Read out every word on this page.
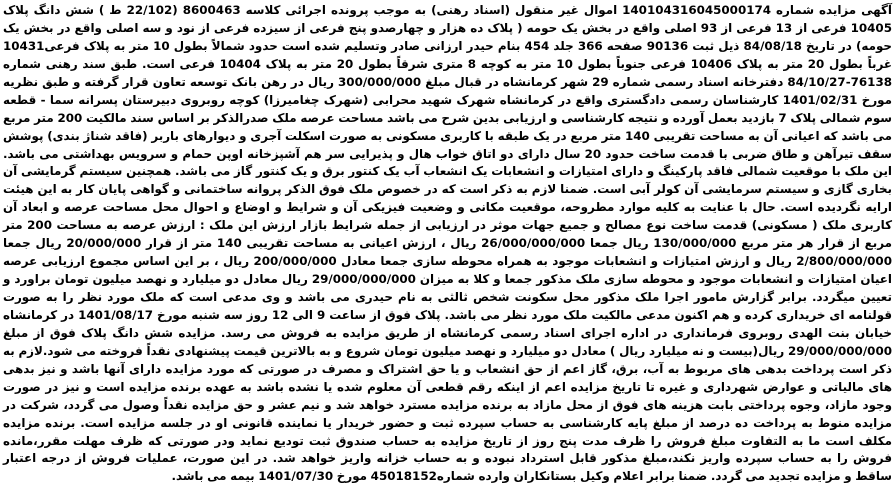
آگهی مزایده شماره 140104316045000174 اموال غیر منقول (اسناد رهنی) به موجب پرونده اجرائی کلاسه 8600463 (22/102 ط ) شش دانگ پلاک 10405 فرعی از 13 فرعی از 93 اصلی واقع در بخش یک حومه ( پلاک ده هزار و چهارصدو پنج فرعی از سیزده فرعی از نود و سه اصلی واقع در بخش یک حومه) در تاریخ 84/08/18 ذیل ثبت 90136 صفحه 366 جلد 454 بنام حیدر ارزانی صادر وتسلیم شده است حدود شمالاً بطول 10 متر به پلاک فرعی10431 غرباً بطول 20 متر به پلاک 10406 فرعی جنوباً بطول 10 متر به کوچه 8 متری شرقاً بطول 20 متر به پلاک 10404 فرعی است. طبق سند رهنی شماره 76138-84/10/27 دفترخانه اسناد رسمی شماره 29 شهر کرمانشاه در قبال مبلغ 300/000/000 ریال در رهن بانک توسعه تعاون قرار گرفته و طبق نظریه مورخ 1401/02/31 کارشناسان رسمی دادگستری واقع در کرمانشاه شهرک شهید محرابی (شهرک چغامیرزا) کوچه روبروی دبیرستان پسرانه سما - قطعه سوم شمالی پلاک 7 بازدید بعمل آورده و نتیجه کارشناسی و ارزیابی بدین شرح می باشد مساحت عرصه ملک صدرالذکر بر اساس سند مالکیت 200 متر مربع می باشد که اعیانی آن به مساحت تقریبی 140 متر مربع در یک طبقه با کاربری مسکونی به صورت اسکلت آجری و دیوارهای باربر (فاقد شناژ بندی) پوشش سقف تیرآهن و طاق ضربی با قدمت ساخت حدود 20 سال دارای دو اتاق خواب هال و پذیرایی سر هم آشپزخانه اوپن حمام و سرویس بهداشتی می باشد. این ملک با موقعیت شمالی فاقد پارکینگ و دارای امتیازات و انشعابات یک انشعاب آب یک کنتور برق و یک کنتور گاز می باشد. همچنین سیستم گرمایشی آن بخاری گازی و سیستم سرمایشی آن کولر آبی است. ضمنا لازم به ذکر است که در خصوص ملک فوق الذکر پروانه ساختمانی و گواهی پایان کار به این هیئت ارایه نگردیده است. حال با عنایت به کلیه موارد مطروحه، موقعیت مکانی و وضعیت فیزیکی آن و شرایط و اوضاع و احوال محل مساحت عرصه و ابعاد آن کاربری ملک ( مسکونی) قدمت ساخت نوع مصالح و جمیع جهات موثر در ارزیابی از جمله شرایط بازار ارزش این ملک : ارزش عرصه به مساحت 200 متر مربع از قرار هر متر مربع 130/000/000 ریال جمعا 26/000/000/000 ریال ، ارزش اعیانی به مساحت تقریبی 140 متر از قرار 20/000/000 ریال جمعا 2/800/000/000 ریال و ارزش امتیازات و انشعابات موجود به همراه محوطه سازی جمعا معادل 200/000/000 ریال ، بر این اساس مجموع ارزیابی عرصه اعیان امتیازات و انشعابات موجود و محوطه سازی ملک مذکور جمعا و کلا به میزان 29/000/000/000 ریال معادل دو میلیارد و نهصد میلیون تومان براورد و تعیین میگردد. برابر گزارش مامور اجرا ملک مذکور محل سکونت شخص ثالثی به نام حیدری می باشد و وی مدعی است که ملک مورد نظر را به صورت قولنامه ای خریداری کرده و هم اکنون مدعی مالکیت ملک مورد نظر می باشد. پلاک فوق از ساعت 9 الی 12 روز سه شنبه مورخ 1401/08/17 در کرمانشاه خیابان بنت الهدی روبروی فرمانداری در اداره اجرای اسناد رسمی کرمانشاه از طریق مزایده به فروش می رسد. مزایده شش دانگ پلاک فوق از مبلغ 29/000/000/000 ریال(بیست و نه میلیارد ریال ) معادل دو میلیارد و نهصد میلیون تومان شروع و به بالاترین قیمت پیشنهادی نقداً فروخته می شود.لازم به ذکر است پرداخت بدهی های مربوط به آب، برق، گاز اعم از حق انشعاب و یا حق اشتراک و مصرف در صورتی که مورد مزایده دارای آنها باشد و نیز بدهی های مالیاتی و عوارض شهرداری و غیره تا تاریخ مزایده اعم از اینکه رقم قطعی آن معلوم شده یا نشده باشد به عهده برنده مزایده است و نیز در صورت وجود مازاد، وجوه پرداختی بابت هزینه های فوق از محل مازاد به برنده مزایده مسترد خواهد شد و نیم عشر و حق مزایده نقداً وصول می گردد، شرکت در مزایده منوط به پرداخت ده درصد از مبلغ پایه کارشناسی به حساب سپرده ثبت و حضور خریدار یا نماینده قانونی او در جلسه مزایده است. برنده مزایده مکلف است ما به التفاوت مبلغ فروش را ظرف مدت پنج روز از تاریخ مزایده به حساب صندوق ثبت تودیع نماید ودر صورتی که ظرف مهلت مقرر،مانده فروش را به حساب سپرده واریز نکند،مبلغ مذکور قابل استرداد نبوده و به حساب خزانه واریز خواهد شد. در این صورت، عملیات فروش از درجه اعتبار ساقط و مزایده تجدید می گردد. ضمنا برابر اعلام وکیل بستانکاران وارده شماره45018152 مورخ 1401/07/30 بیمه می باشد.
